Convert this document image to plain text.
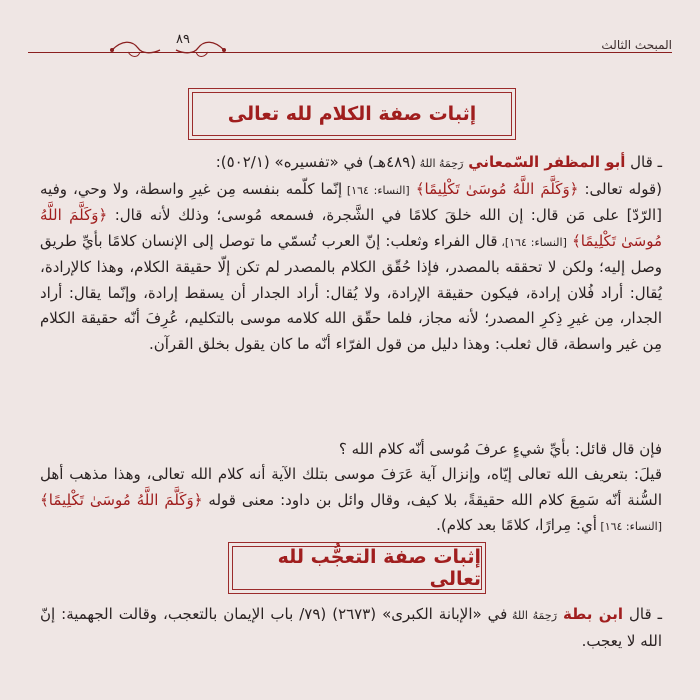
المبحث الثالث
٨٩
إثبات صفة الكلام لله تعالى

ـ قال أبو المظفر السّمعاني رَحِمَهُ اللهُ (٤٨٩هـ) في «تفسيره» (٥٠٢/١):

(قوله تعالى: ﴿وَكَلَّمَ اللَّهُ مُوسَىٰ تَكْلِيمًا﴾ [النساء: ١٦٤] إنّما كلّمه بنفسه مِن غيرِ واسطة، ولا وحي، وفيه [الرّدّ] على مَن قال: إن الله خلقَ كلامًا في الشَّجرة، فسمعه مُوسى؛ وذلك لأنه قال: ﴿وَكَلَّمَ اللَّهُ مُوسَىٰ تَكْلِيمًا﴾ [النساء: ١٦٤]، قال الفراء وثعلب: إنّ العرب تُسمّي ما توصل إلى الإنسان كلامًا بأيِّ طريق وصل إليه؛ ولكن لا تحققه بالمصدر، فإذا حُقّق الكلام بالمصدر لم تكن إلّا حقيقة الكلام، وهذا كالإرادة، يُقال: أراد فُلان إرادة، فيكون حقيقة الإرادة، ولا يُقال: أراد الجدار أن يسقط إرادة، وإنّما يقال: أراد الجدار، مِن غيرِ ذِكرِ المصدر؛ لأنه مجاز، فلما حقّق الله كلامه موسى بالتكليم، عُرِفَ أنّه حقيقة الكلام مِن غير واسطة، قال ثعلب: وهذا دليل من قول الفرّاء أنّه ما كان يقول بخلق القرآن.

فإن قال قائل: بأيِّ شيءٍ عرفَ مُوسى أنّه كلام الله ؟
قيلَ: بتعريف الله تعالى إيّاه، وإنزال آية عَرَفَ موسى بتلك الآية أنه كلام الله تعالى، وهذا مذهب أهل السُّنة أنّه سَمِعَ كلام الله حقيقةً، بلا كيف، وقال وائل بن داود: معنى قوله ﴿وَكَلَّمَ اللَّهُ مُوسَىٰ تَكْلِيمًا﴾ [النساء: ١٦٤] أي: مِرارًا، كلامًا بعد كلام).
إثبات صفة التعجُّب لله تعالى
ـ قال ابن بطة رَحِمَهُ اللهُ في «الإبانة الكبرى» (٢٦٧٣) (٧٩/ باب الإيمان بالتعجب، وقالت الجهمية: إنّ الله لا يعجب.
